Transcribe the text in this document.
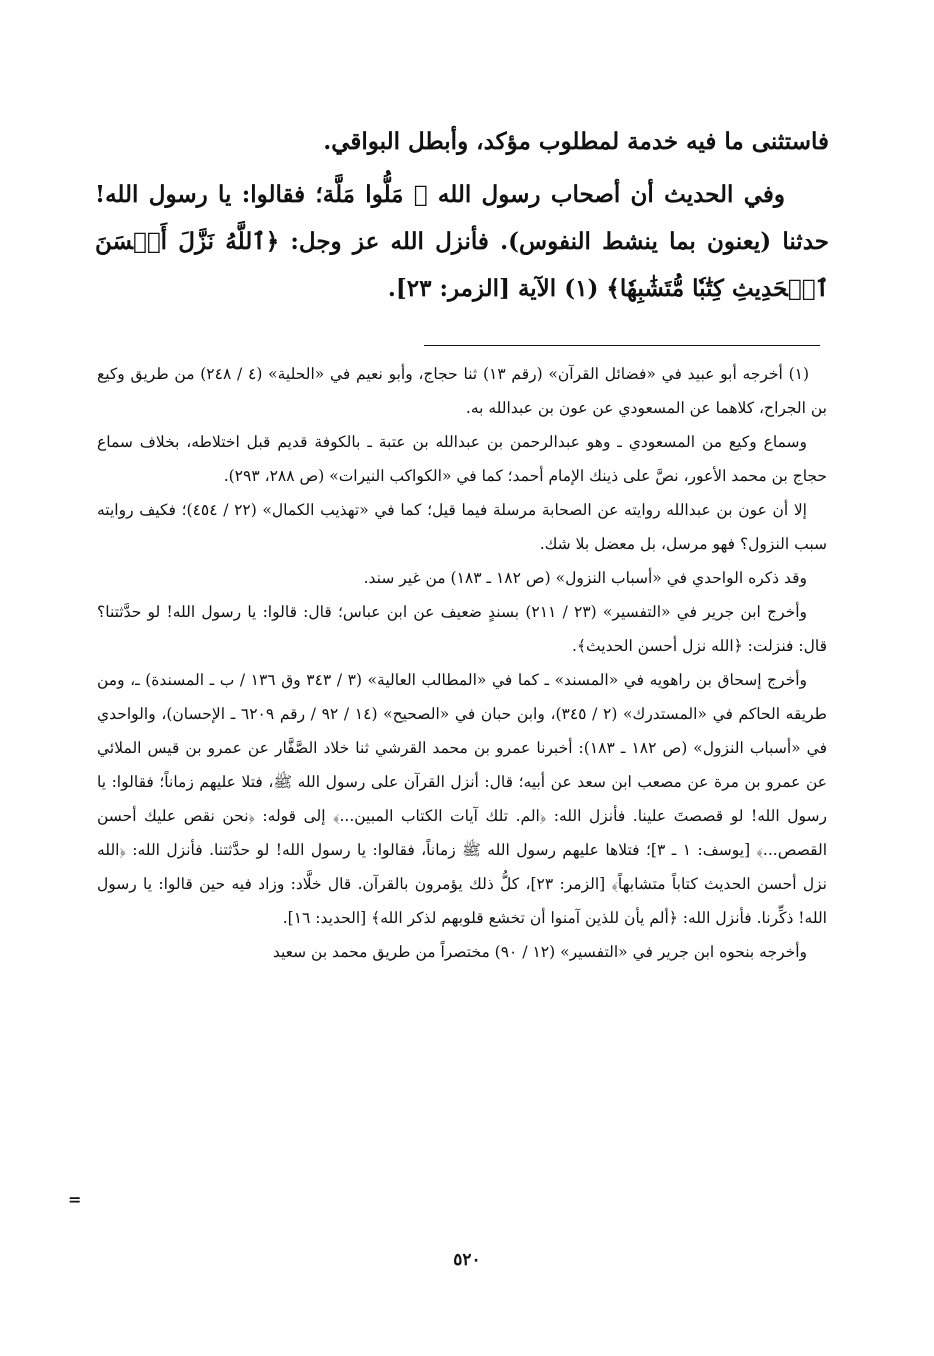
فاستثنى ما فيه خدمة لمطلوب مؤكد، وأبطل البواقي.

وفي الحديث أن أصحاب رسول الله ﷺ مَلُّوا مَلَّة؛ فقالوا: يا رسول الله! حدثنا (يعنون بما ينشط النفوس). فأنزل الله عز وجل: ﴿ٱللَّهُ نَزَّلَ أَحۡسَنَ ٱلۡحَدِيثِ كِتَٰبٗا مُّتَشَٰبِهٗا﴾ (١) الآية [الزمر: ٢٣].

(١) أخرجه أبو عبيد في «فضائل القرآن» (رقم ١٣) ثنا حجاج، وأبو نعيم في «الحلية» (٤ / ٢٤٨) من طريق وكيع بن الجراح، كلاهما عن المسعودي عن عون بن عبدالله به.

وسماع وكيع من المسعودي ـ وهو عبدالرحمن بن عبدالله بن عتبة ـ بالكوفة قديم قبل اختلاطه، بخلاف سماع حجاج بن محمد الأعور، نصَّ على ذينك الإمام أحمد؛ كما في «الكواكب النيرات» (ص ٢٨٨، ٢٩٣).

إلا أن عون بن عبدالله روايته عن الصحابة مرسلة فيما قيل؛ كما في «تهذيب الكمال» (٢٢ / ٤٥٤)؛ فكيف روايته سبب النزول؟ فهو مرسل، بل معضل بلا شك.

وقد ذكره الواحدي في «أسباب النزول» (ص ١٨٢ ـ ١٨٣) من غير سند.

وأخرج ابن جرير في «التفسير» (٢٣ / ٢١١) بسندٍ ضعيف عن ابن عباس؛ قال: قالوا: يا رسول الله! لو حدَّثتنا؟ قال: فنزلت: ﴿الله نزل أحسن الحديث﴾.

وأخرج إسحاق بن راهويه في «المسند» ـ كما في «المطالب العالية» (٣ / ٣٤٣ وق ١٣٦ / ب ـ المسندة) ـ، ومن طريقه الحاكم في «المستدرك» (٢ / ٣٤٥)، وابن حبان في «الصحيح» (١٤ / ٩٢ / رقم ٦٢٠٩ ـ الإحسان)، والواحدي في «أسباب النزول» (ص ١٨٢ ـ ١٨٣): أخبرنا عمرو بن محمد القرشي ثنا خلاد الصَّفَّار عن عمرو بن قيس الملائي عن عمرو بن مرة عن مصعب ابن سعد عن أبيه؛ قال: أنزل القرآن على رسول الله ﷺ، فتلا عليهم زماناً؛ فقالوا: يا رسول الله! لو قصصتَ علينا. فأنزل الله: ﴿الم. تلك آيات الكتاب المبين...﴾ إلى قوله: ﴿نحن نقص عليك أحسن القصص...﴾ [يوسف: ١ ـ ٣]؛ فتلاها عليهم رسول الله ﷺ زماناً، فقالوا: يا رسول الله! لو حدَّثتنا. فأنزل الله: ﴿الله نزل أحسن الحديث كتاباً متشابهاً﴾ [الزمر: ٢٣]، كلُّ ذلك يؤمرون بالقرآن. قال خلَّاد: وزاد فيه حين قالوا: يا رسول الله! ذكِّرنا. فأنزل الله: ﴿ألم يأن للذين آمنوا أن تخشع قلوبهم لذكر الله﴾ [الحديد: ١٦].

وأخرجه بنحوه ابن جرير في «التفسير» (١٢ / ٩٠) مختصراً من طريق محمد بن سعيد

=
٥٢٠
